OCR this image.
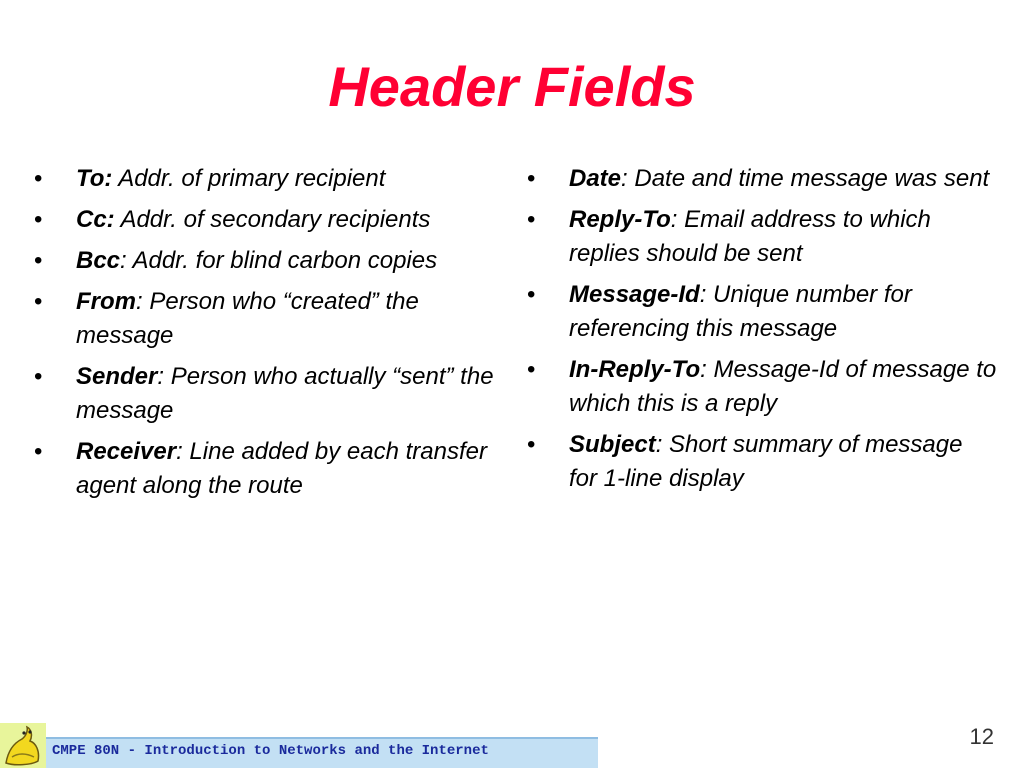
Header Fields
• To: Addr. of primary recipient
• Cc: Addr. of secondary recipients
• Bcc: Addr. for blind carbon copies
• From: Person who “created” the message
• Sender: Person who actually “sent” the message
• Receiver: Line added by each transfer agent along the route
• Date: Date and time message was sent
• Reply-To: Email address to which replies should be sent
• Message-Id: Unique number for referencing this message
• In-Reply-To: Message-Id of message to which this is a reply
• Subject: Short summary of message for 1-line display
CMPE 80N - Introduction to Networks and the Internet
12
